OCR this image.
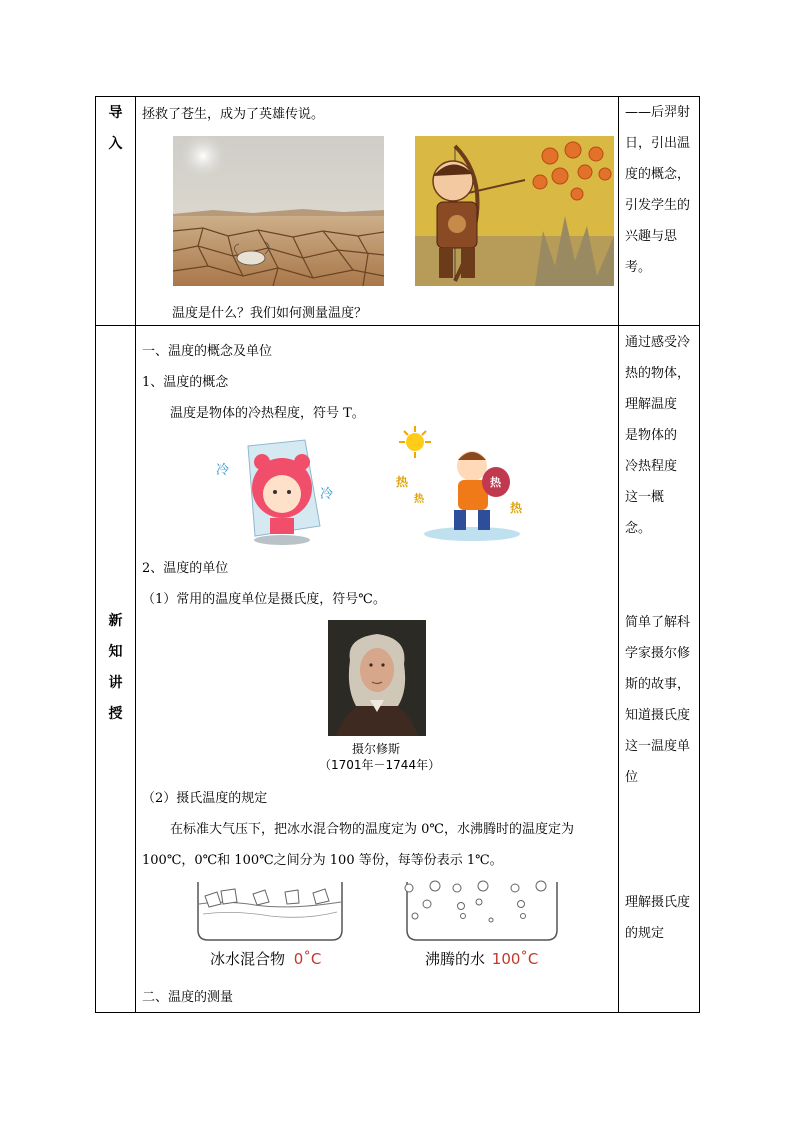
导
入
拯救了苍生，成为了英雄传说。
温度是什么？我们如何测量温度？
——后羿射
日，引出温
度的概念，
引发学生的
兴趣与思
考。
新
知
讲
授
一、温度的概念及单位
1、温度的概念
温度是物体的冷热程度，符号 T。
冷
冷
热
热
热
热
2、温度的单位
（1）常用的温度单位是摄氏度，符号℃。
摄尔修斯
（1701年－1744年）
（2）摄氏温度的规定
在标准大气压下，把冰水混合物的温度定为 0℃，水沸腾时的温度定为
100℃，0℃和 100℃之间分为 100 等份，每等份表示 1℃。
冰水混合物 0˚C	沸腾的水 100˚C
二、温度的测量
通过感受冷
热的物体，
理解温度
是物体的
冷热程度
这一概
念。
简单了解科
学家摄尔修
斯的故事，
知道摄氏度
这一温度单
位
理解摄氏度
的规定
